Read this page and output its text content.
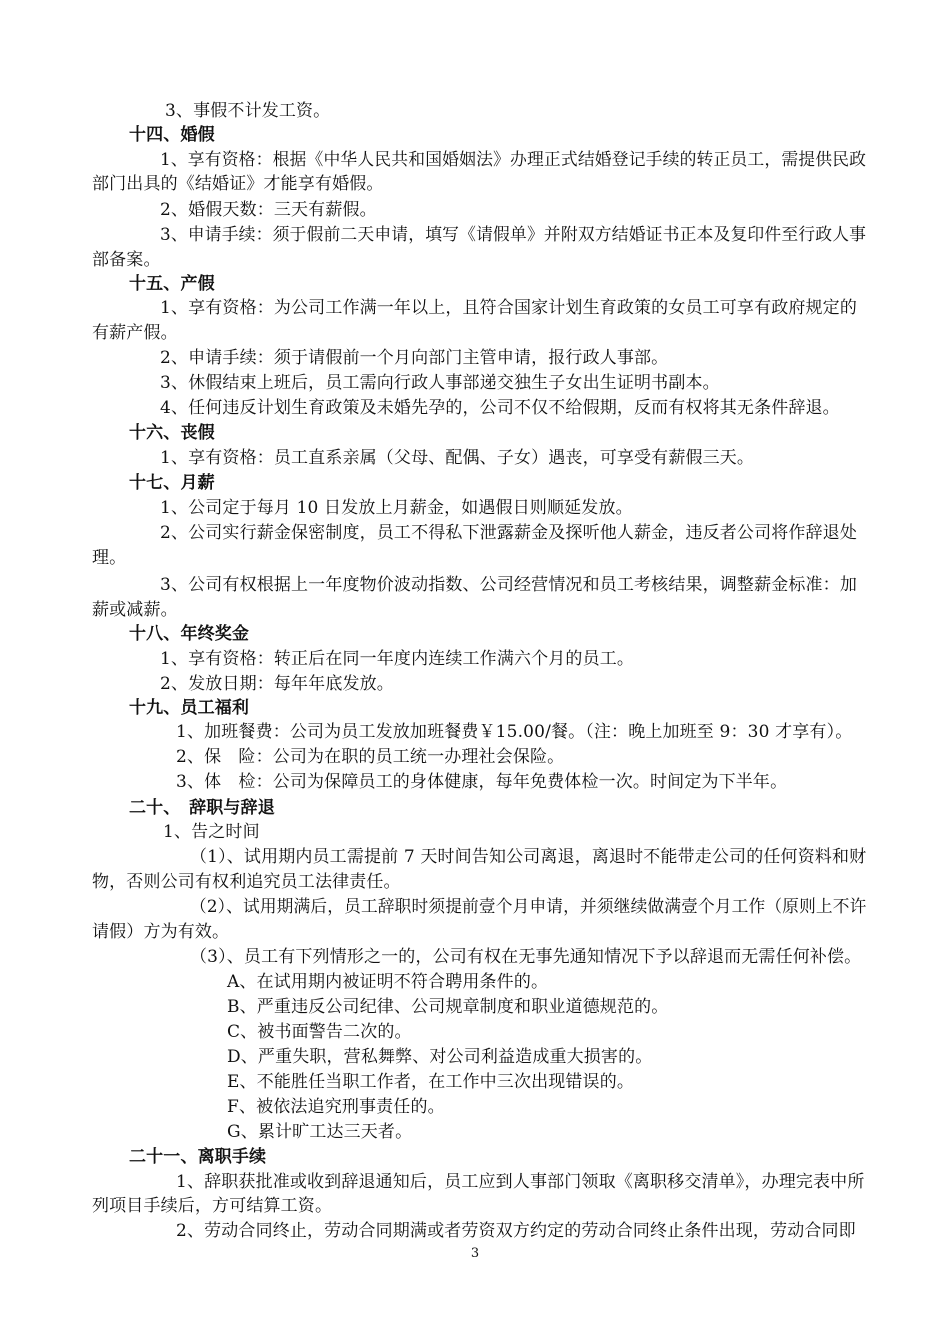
3、事假不计发工资。
十四、婚假
1、享有资格：根据《中华人民共和国婚姻法》办理正式结婚登记手续的转正员工，需提供民政
部门出具的《结婚证》才能享有婚假。
2、婚假天数：三天有薪假。
3、申请手续：须于假前二天申请，填写《请假单》并附双方结婚证书正本及复印件至行政人事
部备案。
十五、产假
1、享有资格：为公司工作满一年以上，且符合国家计划生育政策的女员工可享有政府规定的
有薪产假。
2、申请手续：须于请假前一个月向部门主管申请，报行政人事部。
3、休假结束上班后，员工需向行政人事部递交独生子女出生证明书副本。
4、任何违反计划生育政策及未婚先孕的，公司不仅不给假期，反而有权将其无条件辞退。
十六、丧假
1、享有资格：员工直系亲属（父母、配偶、子女）遇丧，可享受有薪假三天。
十七、月薪
1、公司定于每月 10 日发放上月薪金，如遇假日则顺延发放。
2、公司实行薪金保密制度，员工不得私下泄露薪金及探听他人薪金，违反者公司将作辞退处
理。
3、公司有权根据上一年度物价波动指数、公司经营情况和员工考核结果，调整薪金标准：加
薪或减薪。
十八、年终奖金
1、享有资格：转正后在同一年度内连续工作满六个月的员工。
2、发放日期：每年年底发放。
十九、员工福利
1、加班餐费：公司为员工发放加班餐费￥15.00/餐。（注：晚上加班至 9：30 才享有）。
2、保　险：公司为在职的员工统一办理社会保险。
3、体　检：公司为保障员工的身体健康，每年免费体检一次。时间定为下半年。
二十、　辞职与辞退
1、告之时间
（1）、试用期内员工需提前 7 天时间告知公司离退，离退时不能带走公司的任何资料和财
物，否则公司有权利追究员工法律责任。
（2）、试用期满后，员工辞职时须提前壹个月申请，并须继续做满壹个月工作（原则上不许
请假）方为有效。
（3）、员工有下列情形之一的，公司有权在无事先通知情况下予以辞退而无需任何补偿。
A、在试用期内被证明不符合聘用条件的。
B、严重违反公司纪律、公司规章制度和职业道德规范的。
C、被书面警告二次的。
D、严重失职，营私舞弊、对公司利益造成重大损害的。
E、不能胜任当职工作者，在工作中三次出现错误的。
F、被依法追究刑事责任的。
G、累计旷工达三天者。
二十一、离职手续
1、辞职获批准或收到辞退通知后，员工应到人事部门领取《离职移交清单》，办理完表中所
列项目手续后，方可结算工资。
2、劳动合同终止，劳动合同期满或者劳资双方约定的劳动合同终止条件出现，劳动合同即
3
